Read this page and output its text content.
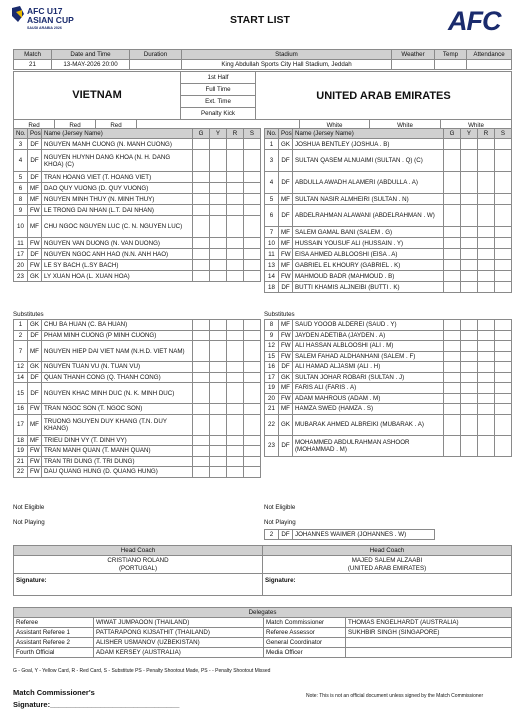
AFC U17
ASIAN CUP
SAUDI ARABIA 2026
START LIST	AFC
Match	Date and Time	Duration	Stadium	Weather	Temp	Attendance
21	13-MAY-2026 20:00		King Abdullah Sports City Hall Stadium, Jeddah			
VIETNAM				1st Half	UNITED ARAB EMIRATES			
				Full Time				
				Ext. Time				
				Penalty Kick				
Red	Red	Red				White	White	White
No.	Pos	Name (Jersey Name)	G	Y	R	S
3	DF	NGUYEN MANH CUONG (N. MANH CUONG)				
4	DF	NGUYEN HUYNH DANG KHOA (N. H. DANG KHOA) (C)				
5	DF	TRAN HOANG VIET (T. HOANG VIET)				
6	MF	DAO QUY VUONG (D. QUY VUONG)				
8	MF	NGUYEN MINH THUY (N. MINH THUY)				
9	FW	LE TRONG DAI NHAN (L.T. DAI NHAN)				
10	MF	CHU NGOC NGUYEN LUC (C. N. NGUYEN LUC)				
11	FW	NGUYEN VAN DUONG (N. VAN DUONG)				
17	DF	NGUYEN NGOC ANH HAO (N.N. ANH HAO)				
20	FW	LE SY BACH (L.SY BACH)				
23	GK	LY XUAN HOA (L. XUAN HOA)				
No.	Pos	Name (Jersey Name)	G	Y	R	S
1	GK	JOSHUA BENTLEY (JOSHUA . B)				
3	DF	SULTAN QASEM ALNUAIMI (SULTAN . Q) (C)				
4	DF	ABDULLA AWADH ALAMERI (ABDULLA . A)				
5	MF	SULTAN NASIR ALMHEIRI (SULTAN . N)				
6	DF	ABDELRAHMAN ALAWANI (ABDELRAHMAN . W)				
7	MF	SALEM GAMAL BANI (SALEM . G)				
10	MF	HUSSAIN YOUSUF ALI (HUSSAIN . Y)				
11	FW	EISA AHMED ALBLOOSHI (EISA . A)				
13	MF	GABRIEL EL KHOURY (GABRIEL . K)				
14	FW	MAHMOUD BADR (MAHMOUD . B)				
18	DF	BUTTI KHAMIS ALJNEIBI (BUTTI . K)				
Substitutes	Substitutes
1	GK	CHU BA HUAN (C. BA HUAN)				
2	DF	PHAM MINH CUONG (P MINH CUONG)				
7	MF	NGUYEN HIEP DAI VIET NAM (N.H.D. VIET NAM)				
12	GK	NGUYEN TUAN VU (N. TUAN VU)				
14	DF	QUAN THANH CONG (Q. THANH CONG)				
15	DF	NGUYEN KHAC MINH DUC (N. K. MINH DUC)				
16	FW	TRAN NGOC SON (T. NGOC SON)				
17	MF	TRUONG NGUYEN DUY KHANG (T.N. DUY KHANG)				
18	MF	TRIEU DINH VY (T. DINH VY)				
19	FW	TRAN MANH QUAN (T. MANH QUAN)				
21	FW	TRAN TRI DUNG (T. TRI DUNG)				
22	FW	DAU QUANG HUNG (D. QUANG HUNG)				
8	MF	SAUD YOOOB ALDEREI (SAUD . Y)				
9	FW	JAYDEN ADETIBA (JAYDEN . A)				
12	FW	ALI HASSAN ALBLOOSHI (ALI . M)				
15	FW	SALEM FAHAD ALDHANHANI (SALEM . F)				
16	DF	ALI HAMAD ALJASMI (ALI . H)				
17	GK	SULTAN JOHAR ROBARI (SULTAN . J)				
19	MF	FARIS ALI (FARIS . A)				
20	FW	ADAM MAHROUS (ADAM . M)				
21	MF	HAMZA SWED (HAMZA . S)				
22	GK	MUBARAK AHMED ALBREIKI (MUBARAK . A)				
23	DF	MOHAMMED ABDULRAHMAN ASHOOR (MOHAMMAD . M)				
Not Eligible	Not Eligible
Not Playing	Not Playing
2	DF	JOHANNES WAIMER (JOHANNES . W)
Head Coach	Head Coach
CRISTIANO ROLAND	MAJED SALEM ALZAABI
(PORTUGAL)	(UNITED ARAB EMIRATES)
Signature:	Signature:
Delegates			
Referee	WIWAT JUMPAOON (THAILAND)	Match Commissioner	THOMAS ENGELHARDT (AUSTRALIA)
Assistant Referee 1	PATTARAPONG KIJSATHIT (THAILAND)	Referee Assessor	SUKHBIR SINGH (SINGAPORE)
Assistant Referee 2	ALISHER USMANOV (UZBEKISTAN)	General Coordinator	
Fourth Official	ADAM KERSEY (AUSTRALIA)	Media Officer	
G - Goal, Y - Yellow Card, R - Red Card, S - Substitute PS - Penalty Shootout Made, PS - - Penalty Shootout Missed
Match Commissioner's
Signature:_______________________________
Note: This is not an official document unless signed by the Match Commissioner
